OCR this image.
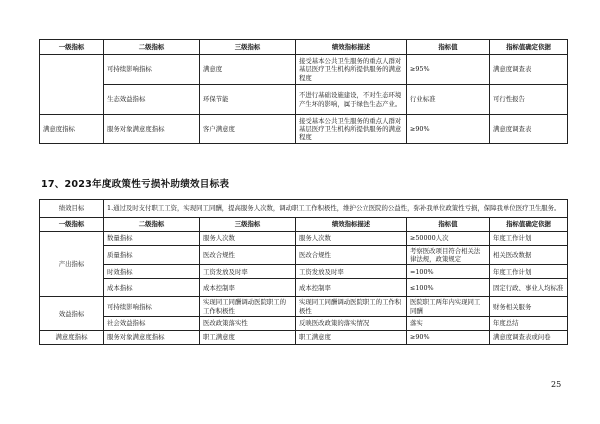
一级指标	二级指标	三级指标	绩效指标描述	指标值	指标值确定依据
	可持续影响指标	满意度	接受基本公共卫生服务的重点人群对基层医疗卫生机构所提供服务的满意程度	≥95%	满意度调查表
	生态效益指标	环保节能	不进行基础设施建设，不对生态环境产生坏的影响，属于绿色生态产业。	行业标准	可行性报告
满意度指标	服务对象满意度指标	客户满意度	接受基本公共卫生服务的重点人群对基层医疗卫生机构所提供服务的满意程度	≥90%	满意度调查表
17、2023年度政策性亏损补助绩效目标表
绩效目标	1.通过及时支付职工工资，实现同工同酬，提高服务人次数，调动职工工作积极性，维护公立医院的公益性，弥补我单位政策性亏损，保障我单位医疗卫生服务。				
一级指标	二级指标	三级指标	绩效指标描述	指标值	指标值确定依据
产出指标	数量指标	服务人次数	服务人次数	≥50000人次	年度工作计划
	质量指标	医改合规性	医改合规性	考察医改项目符合相关法律法规，政策规定	相关医改数据
	时效指标	工资发放及时率	工资发放及时率	=100%	年度工作计划
	成本指标	成本控制率	成本控制率	≤100%	固定行政、事业人均标准
效益指标	可持续影响指标	实现同工同酬调动医院职工的工作积极性	实现同工同酬调动医院职工的工作积极性	医院职工两年内实现同工同酬	财务相关服务
	社会效益指标	医改政策落实性	反映医改政策的落实情况	落实	年度总结
满意度指标	服务对象满意度指标	职工满意度	职工满意度	≥90%	满意度调查表或问卷
25
